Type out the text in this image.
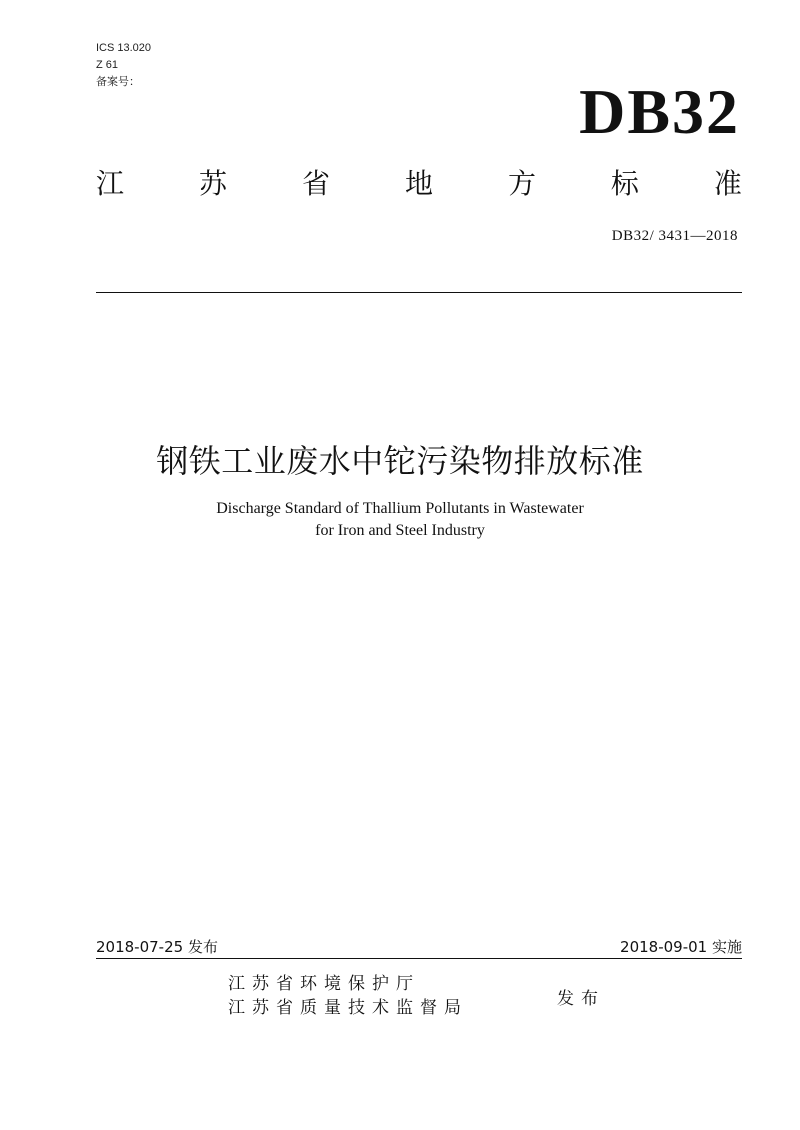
ICS 13.020
Z 61
备案号：	DB32
江	苏	省	地	方	标	准
DB32/ 3431—2018
钢铁工业废水中铊污染物排放标准
Discharge Standard of Thallium Pollutants in Wastewater
for Iron and Steel Industry
2018-07-25 发布	2018-09-01 实施
江苏省环境保护厅
江苏省质量技术监督局	发布
